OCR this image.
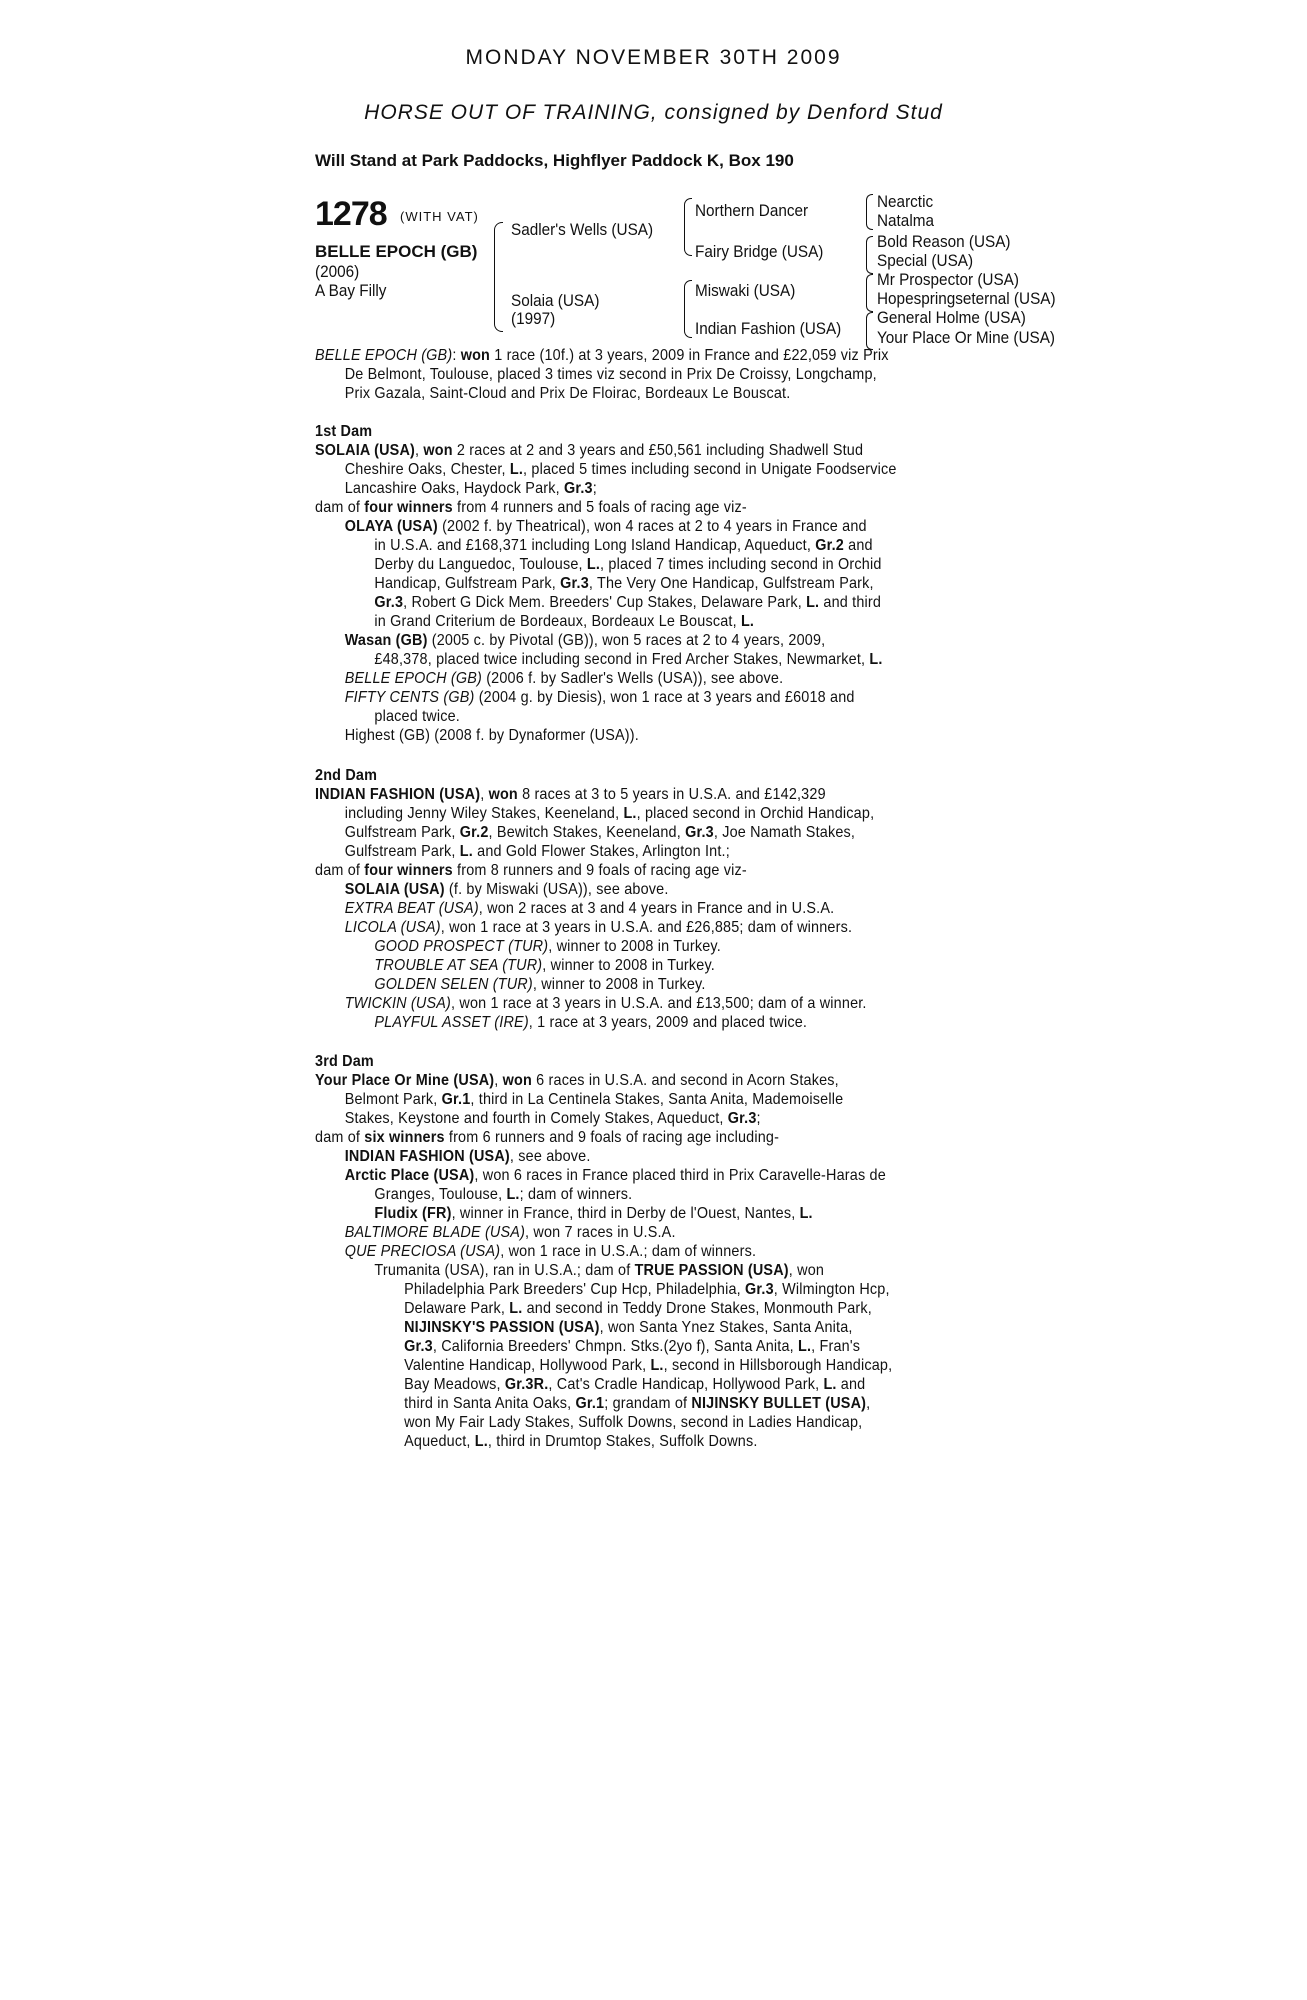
MONDAY NOVEMBER 30TH 2009
HORSE OUT OF TRAINING, consigned by Denford Stud
Will Stand at Park Paddocks, Highflyer Paddock K, Box 190
1278 (WITH VAT)
BELLE EPOCH (GB)
(2006)
A Bay Filly
Sadler's Wells (USA)
Solaia (USA)
(1997)
Northern Dancer
Fairy Bridge (USA)
Miswaki (USA)
Indian Fashion (USA)
Nearctic
Natalma
Bold Reason (USA)
Special (USA)
Mr Prospector (USA)
Hopespringseternal (USA)
General Holme (USA)
Your Place Or Mine (USA)

BELLE EPOCH (GB): won 1 race (10f.) at 3 years, 2009 in France and £22,059 viz Prix

De Belmont, Toulouse, placed 3 times viz second in Prix De Croissy, Longchamp,

Prix Gazala, Saint-Cloud and Prix De Floirac, Bordeaux Le Bouscat.

1st Dam

SOLAIA (USA), won 2 races at 2 and 3 years and £50,561 including Shadwell Stud

Cheshire Oaks, Chester, L., placed 5 times including second in Unigate Foodservice

Lancashire Oaks, Haydock Park, Gr.3;

dam of four winners from 4 runners and 5 foals of racing age viz-

OLAYA (USA) (2002 f. by Theatrical), won 4 races at 2 to 4 years in France and

in U.S.A. and £168,371 including Long Island Handicap, Aqueduct, Gr.2 and

Derby du Languedoc, Toulouse, L., placed 7 times including second in Orchid

Handicap, Gulfstream Park, Gr.3, The Very One Handicap, Gulfstream Park,

Gr.3, Robert G Dick Mem. Breeders' Cup Stakes, Delaware Park, L. and third

in Grand Criterium de Bordeaux, Bordeaux Le Bouscat, L.

Wasan (GB) (2005 c. by Pivotal (GB)), won 5 races at 2 to 4 years, 2009,

£48,378, placed twice including second in Fred Archer Stakes, Newmarket, L.

BELLE EPOCH (GB) (2006 f. by Sadler's Wells (USA)), see above.

FIFTY CENTS (GB) (2004 g. by Diesis), won 1 race at 3 years and £6018 and

placed twice.

Highest (GB) (2008 f. by Dynaformer (USA)).

2nd Dam

INDIAN FASHION (USA), won 8 races at 3 to 5 years in U.S.A. and £142,329

including Jenny Wiley Stakes, Keeneland, L., placed second in Orchid Handicap,

Gulfstream Park, Gr.2, Bewitch Stakes, Keeneland, Gr.3, Joe Namath Stakes,

Gulfstream Park, L. and Gold Flower Stakes, Arlington Int.;

dam of four winners from 8 runners and 9 foals of racing age viz-

SOLAIA (USA) (f. by Miswaki (USA)), see above.

EXTRA BEAT (USA), won 2 races at 3 and 4 years in France and in U.S.A.

LICOLA (USA), won 1 race at 3 years in U.S.A. and £26,885; dam of winners.

GOOD PROSPECT (TUR), winner to 2008 in Turkey.

TROUBLE AT SEA (TUR), winner to 2008 in Turkey.

GOLDEN SELEN (TUR), winner to 2008 in Turkey.

TWICKIN (USA), won 1 race at 3 years in U.S.A. and £13,500; dam of a winner.

PLAYFUL ASSET (IRE), 1 race at 3 years, 2009 and placed twice.

3rd Dam

Your Place Or Mine (USA), won 6 races in U.S.A. and second in Acorn Stakes,

Belmont Park, Gr.1, third in La Centinela Stakes, Santa Anita, Mademoiselle

Stakes, Keystone and fourth in Comely Stakes, Aqueduct, Gr.3;

dam of six winners from 6 runners and 9 foals of racing age including-

INDIAN FASHION (USA), see above.

Arctic Place (USA), won 6 races in France placed third in Prix Caravelle-Haras de

Granges, Toulouse, L.; dam of winners.

Fludix (FR), winner in France, third in Derby de l'Ouest, Nantes, L.

BALTIMORE BLADE (USA), won 7 races in U.S.A.

QUE PRECIOSA (USA), won 1 race in U.S.A.; dam of winners.

Trumanita (USA), ran in U.S.A.; dam of TRUE PASSION (USA), won

Philadelphia Park Breeders' Cup Hcp, Philadelphia, Gr.3, Wilmington Hcp,

Delaware Park, L. and second in Teddy Drone Stakes, Monmouth Park,

NIJINSKY'S PASSION (USA), won Santa Ynez Stakes, Santa Anita,

Gr.3, California Breeders' Chmpn. Stks.(2yo f), Santa Anita, L., Fran's

Valentine Handicap, Hollywood Park, L., second in Hillsborough Handicap,

Bay Meadows, Gr.3R., Cat's Cradle Handicap, Hollywood Park, L. and

third in Santa Anita Oaks, Gr.1; grandam of NIJINSKY BULLET (USA),

won My Fair Lady Stakes, Suffolk Downs, second in Ladies Handicap,

Aqueduct, L., third in Drumtop Stakes, Suffolk Downs.
